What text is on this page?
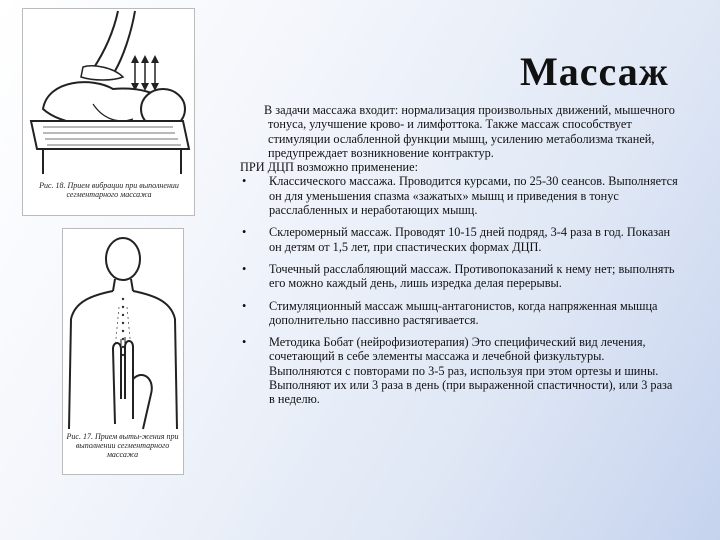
Рис. 18. Прием вибрации при выполнении сегментарного массажа
Рис. 17. Прием выты-жения при выполнении сегментарного массажа
Массаж

В задачи массажа входит: нормализация произвольных движений, мышечного тонуса, улучшение крово- и лимфоттока. Также массаж способствует стимуляции ослабленной функции мышц, усилению метаболизма тканей, предупреждает возникновение контрактур.

ПРИ ДЦП возможно применение:

• Классического массажа. Проводится курсами, по 25-30 сеансов. Выполняется он для уменьшения спазма «зажатых» мышц и приведения в тонус расслабленных и неработающих мышц.
• Склеромерный массаж. Проводят 10-15 дней подряд, 3-4 раза в год. Показан он детям от 1,5 лет, при спастических формах ДЦП.
• Точечный расслабляющий массаж. Противопоказаний к нему нет; выполнять его можно каждый день, лишь изредка делая перерывы.
• Стимуляционный массаж мышц-антагонистов, когда напряженная мышца дополнительно пассивно растягивается.
• Методика Бобат (нейрофизиотерапия) Это специфический вид лечения, сочетающий в себе элементы массажа и лечебной физкультуры. Выполняются с повторами по 3-5 раз, используя при этом ортезы и шины. Выполняют их или 3 раза в день (при выраженной спастичности), или 3 раза в неделю.
